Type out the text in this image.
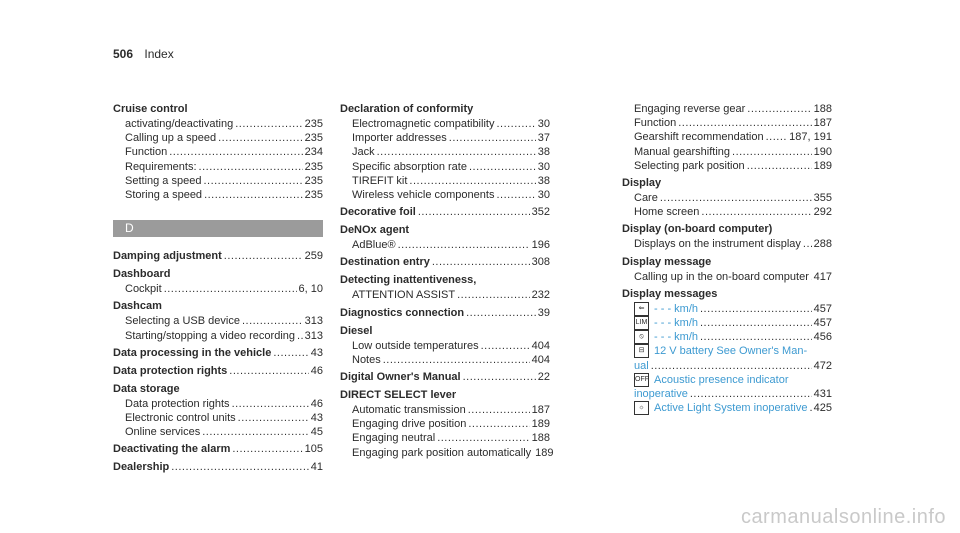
506 Index
Cruise control
activating/deactivating .....	235
Calling up a speed .....	235
Function .....	234
Requirements: .....	235
Setting a speed .....	235
Storing a speed .....	235
D
Damping adjustment .....	259
Dashboard
Cockpit .....	6, 10
Dashcam
Selecting a USB device .....	313
Starting/stopping a video recording ..... 313
Data processing in the vehicle .....	43
Data protection rights .....	46
Data storage
Data protection rights .....	46
Electronic control units .....	43
Online services .....	45
Deactivating the alarm .....	105
Dealership .....	41
Declaration of conformity
Electromagnetic compatibility .....	30
Importer addresses .....	37
Jack .....	38
Specific absorption rate .....	30
TIREFIT kit .....	38
Wireless vehicle components .....	30
Decorative foil .....	352
DeNOx agent
AdBlue® .....	196
Destination entry .....	308
Detecting inattentiveness,
ATTENTION ASSIST .....	232
Diagnostics connection .....	39
Diesel
Low outside temperatures .....	404
Notes .....	404
Digital Owner's Manual .....	22
DIRECT SELECT lever
Automatic transmission .....	187
Engaging drive position .....	189
Engaging neutral .....	188
Engaging park position automatically 189
Engaging reverse gear .....	188
Function .....	187
Gearshift recommendation ..... 187, 191
Manual gearshifting .....	190
Selecting park position .....	189
Display
Care .....	355
Home screen .....	292
Display (on-board computer)
Displays on the instrument display ..... 288
Display message
Calling up in the on-board computer ..... 417
Display messages
⇐ - - - km/h .....	457
LIM - - - km/h .....	457
⦸ - - - km/h .....	456
⊟ 12 V battery See Owner's Man-
ual .....	472
OFF Acoustic presence indicator
inoperative .....	431
☼ Active Light System inoperative ..... 425
carmanualsonline.info
